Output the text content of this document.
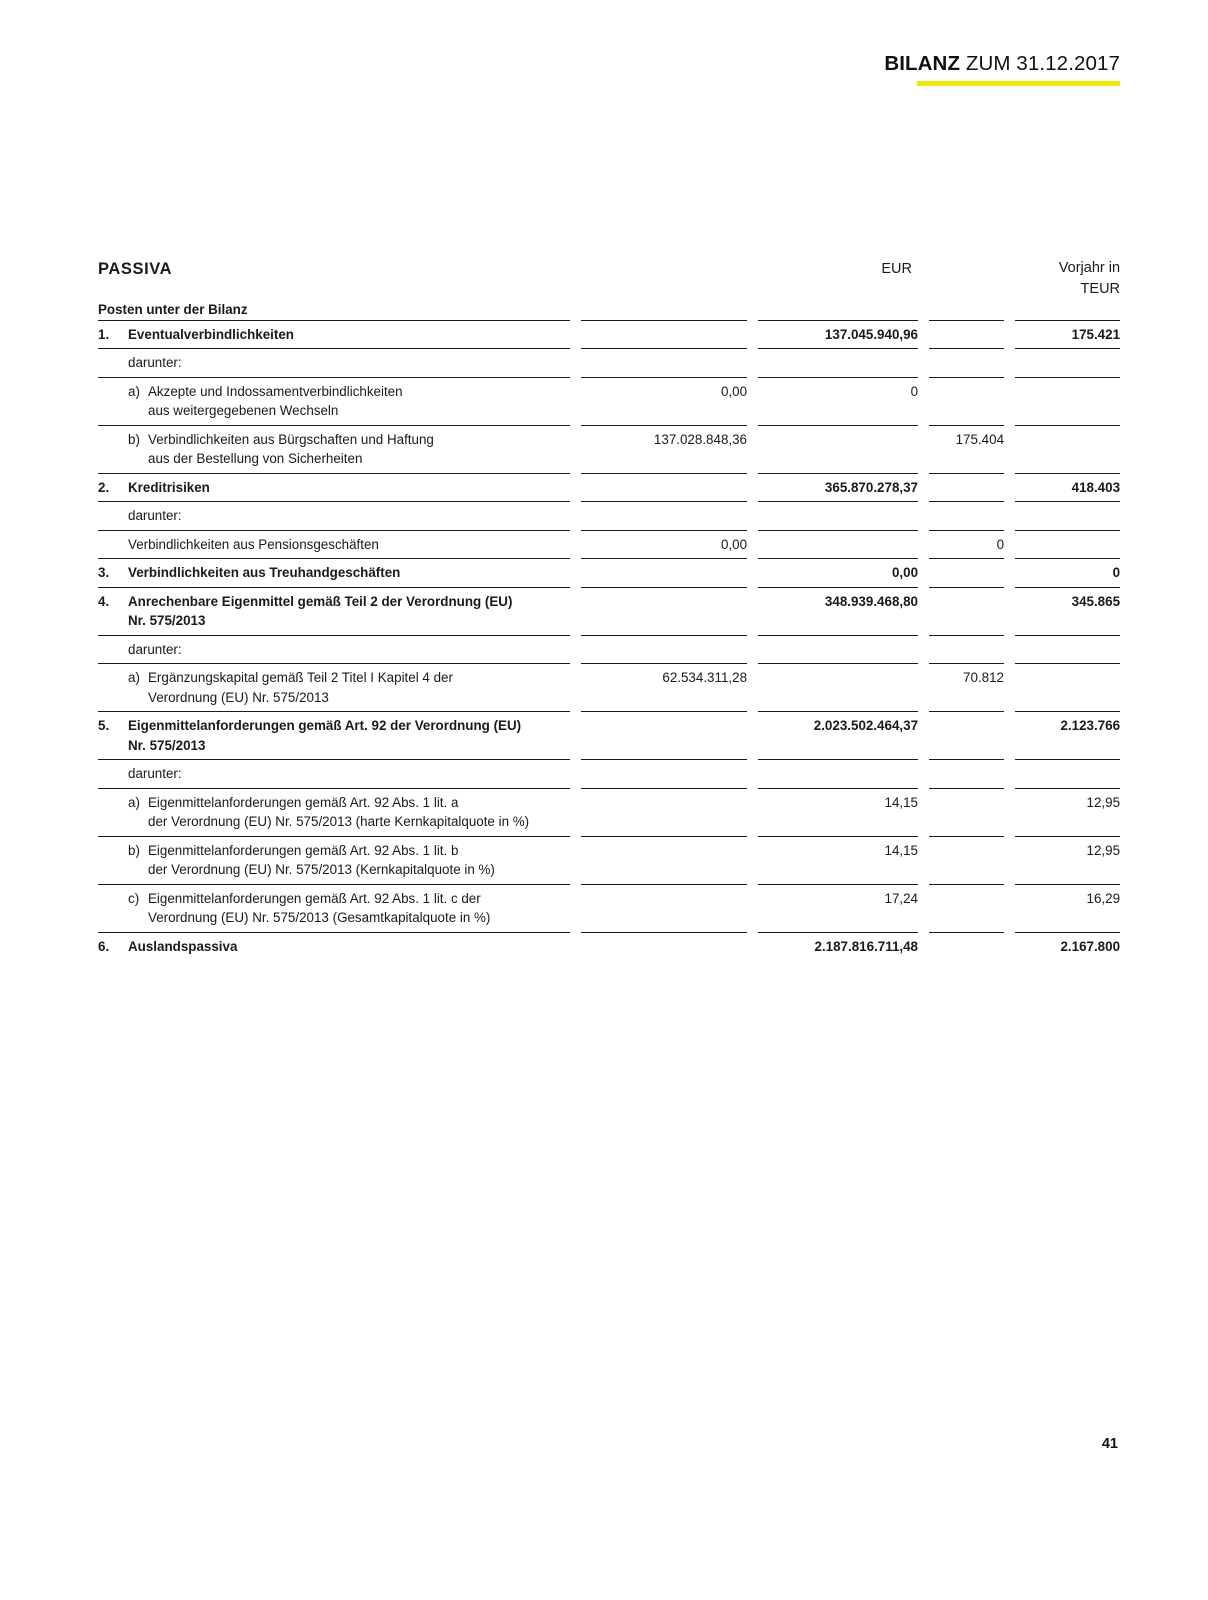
BILANZ ZUM 31.12.2017
PASSIVA		EUR				Vorjahr in
TEUR			
Posten unter der Bilanz									
1.	Eventualverbindlichkeiten				137.045.940,96				175.421
	darunter:								
	a) Akzepte und Indossamentverbindlichkeiten
aus weitergegebenen Wechseln		0,00		0				
	b) Verbindlichkeiten aus Bürgschaften und Haftung
aus der Bestellung von Sicherheiten		137.028.848,36				175.404		
2.	Kreditrisiken				365.870.278,37				418.403
	darunter:								
	Verbindlichkeiten aus Pensionsgeschäften		0,00				0		
3.	Verbindlichkeiten aus Treuhandgeschäften				0,00				0
4.	Anrechenbare Eigenmittel gemäß Teil 2 der Verordnung (EU)
Nr. 575/2013				348.939.468,80				345.865
	darunter:								
	a) Ergänzungskapital gemäß Teil 2 Titel I Kapitel 4 der
Verordnung (EU) Nr. 575/2013		62.534.311,28				70.812		
5.	Eigenmittelanforderungen gemäß Art. 92 der Verordnung (EU)
Nr. 575/2013				2.023.502.464,37				2.123.766
	darunter:								
	a) Eigenmittelanforderungen gemäß Art. 92 Abs. 1 lit. a
der Verordnung (EU) Nr. 575/2013 (harte Kernkapitalquote in %)				14,15				12,95
	b) Eigenmittelanforderungen gemäß Art. 92 Abs. 1 lit. b
der Verordnung (EU) Nr. 575/2013 (Kernkapitalquote in %)				14,15				12,95
	c) Eigenmittelanforderungen gemäß Art. 92 Abs. 1 lit. c der
Verordnung (EU) Nr. 575/2013 (Gesamtkapitalquote in %)				17,24				16,29
6.	Auslandspassiva				2.187.816.711,48				2.167.800
41
